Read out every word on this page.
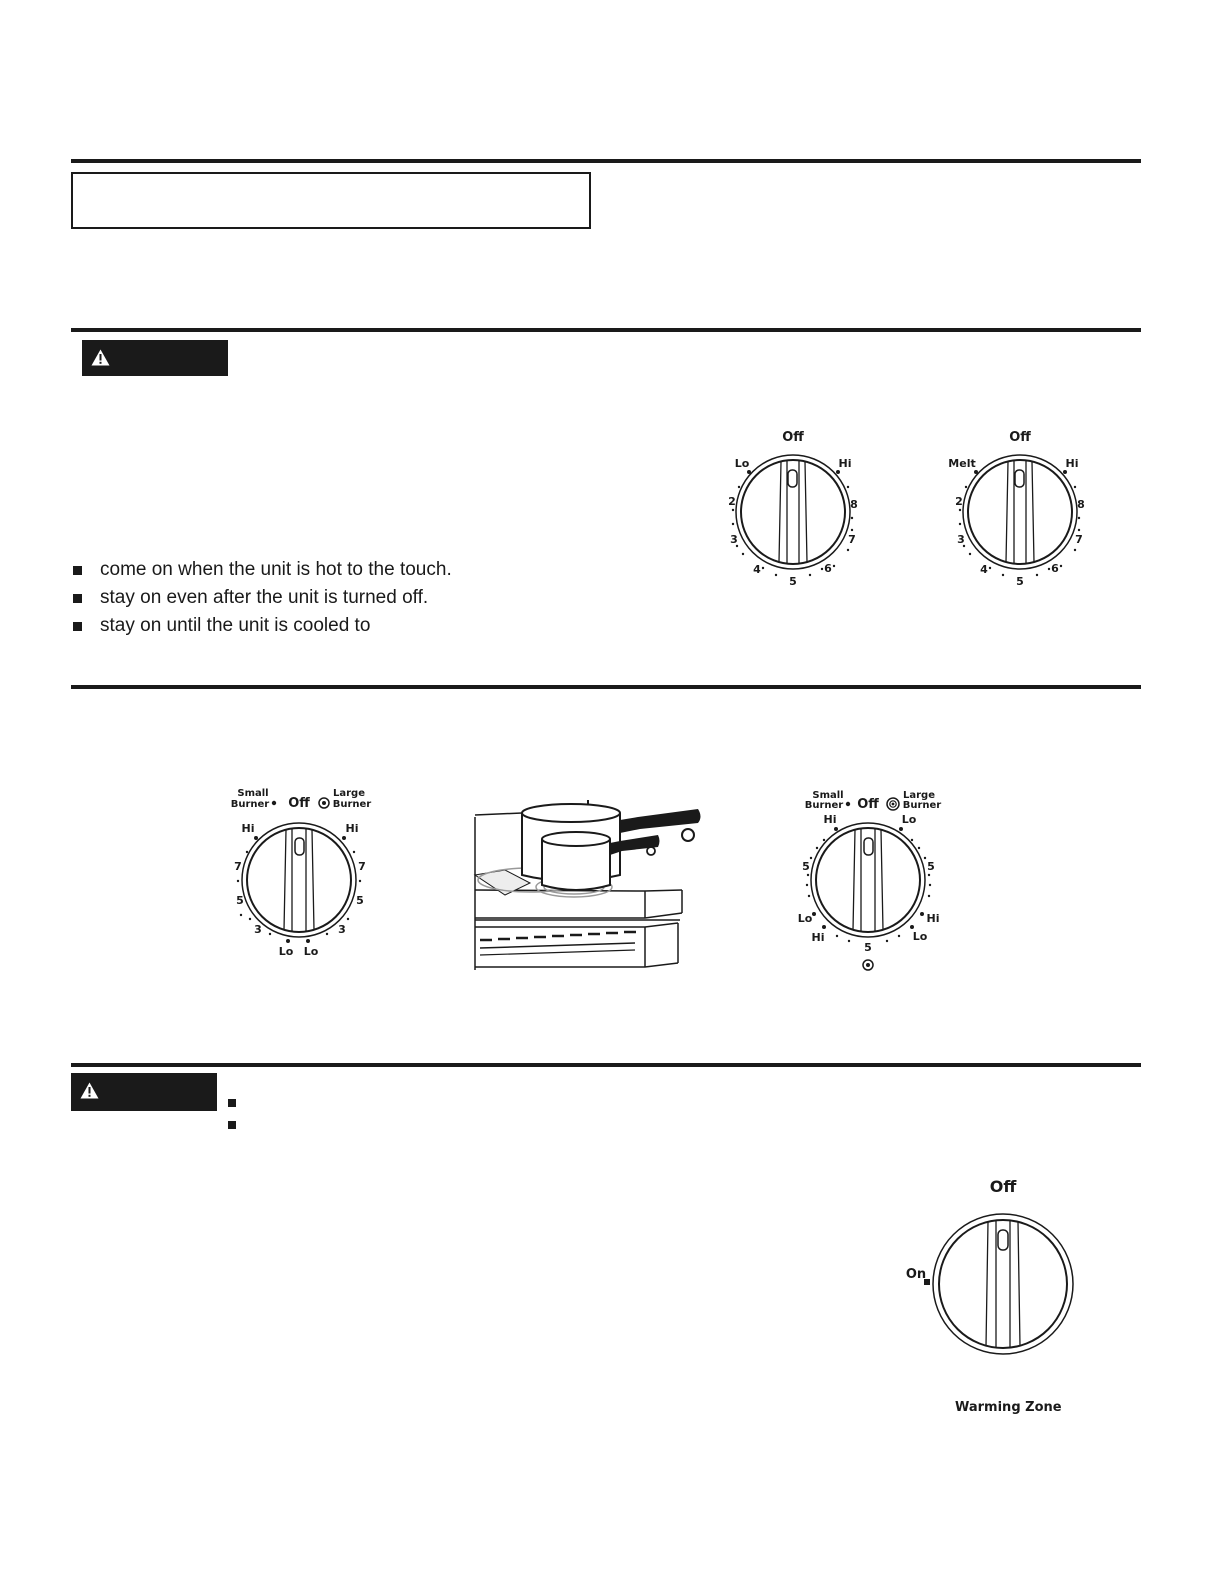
come on when the unit is hot to the touch.
stay on even after the unit is turned off.
stay on until the unit is cooled to
Off
Lo	Hi
2
3
4
5
6
7
8
Off
Melt	Hi
2
3
4
5
6
7
8
Small
Burner Off
Large
Burner
Hi	Hi
7	7
5	5
3	3
Lo Lo
Small
Burner Off
Large
Burner
Hi	Lo
5	5
Lo	Hi
Hi	Lo
5
Off
On
Warming Zone
